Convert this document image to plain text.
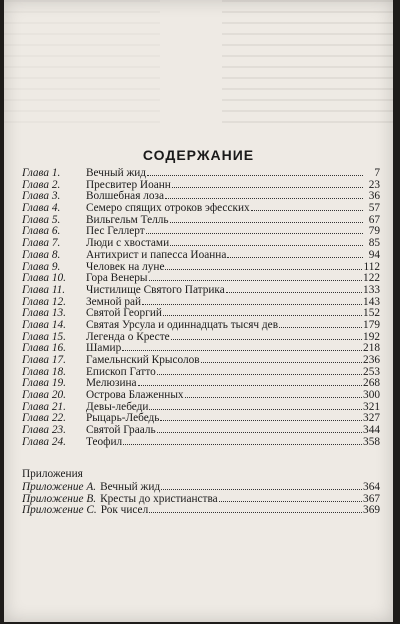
СОДЕРЖАНИЕ
Глава 1.	Вечный жид	7
Глава 2.	Пресвитер Иоанн	23
Глава 3.	Волшебная лоза	36
Глава 4.	Семеро спящих отроков эфесских	57
Глава 5.	Вильгельм Телль	67
Глава 6.	Пес Геллерт	79
Глава 7.	Люди с хвостами	85
Глава 8.	Антихрист и папесса Иоанна	94
Глава 9.	Человек на луне	112
Глава 10.	Гора Венеры	122
Глава 11.	Чистилище Святого Патрика	133
Глава 12.	Земной рай	143
Глава 13.	Святой Георгий	152
Глава 14.	Святая Урсула и одиннадцать тысяч дев	179
Глава 15.	Легенда о Кресте	192
Глава 16.	Шамир	218
Глава 17.	Гамельнский Крысолов	236
Глава 18.	Епископ Гатто	253
Глава 19.	Мелюзина	268
Глава 20.	Острова Блаженных	300
Глава 21.	Девы-лебеди	321
Глава 22.	Рыцарь-Лебедь	327
Глава 23.	Святой Грааль	344
Глава 24.	Теофил	358
Приложения
Приложение A. Вечный жид	364
Приложение B. Кресты до христианства	367
Приложение C. Рок чисел	369
